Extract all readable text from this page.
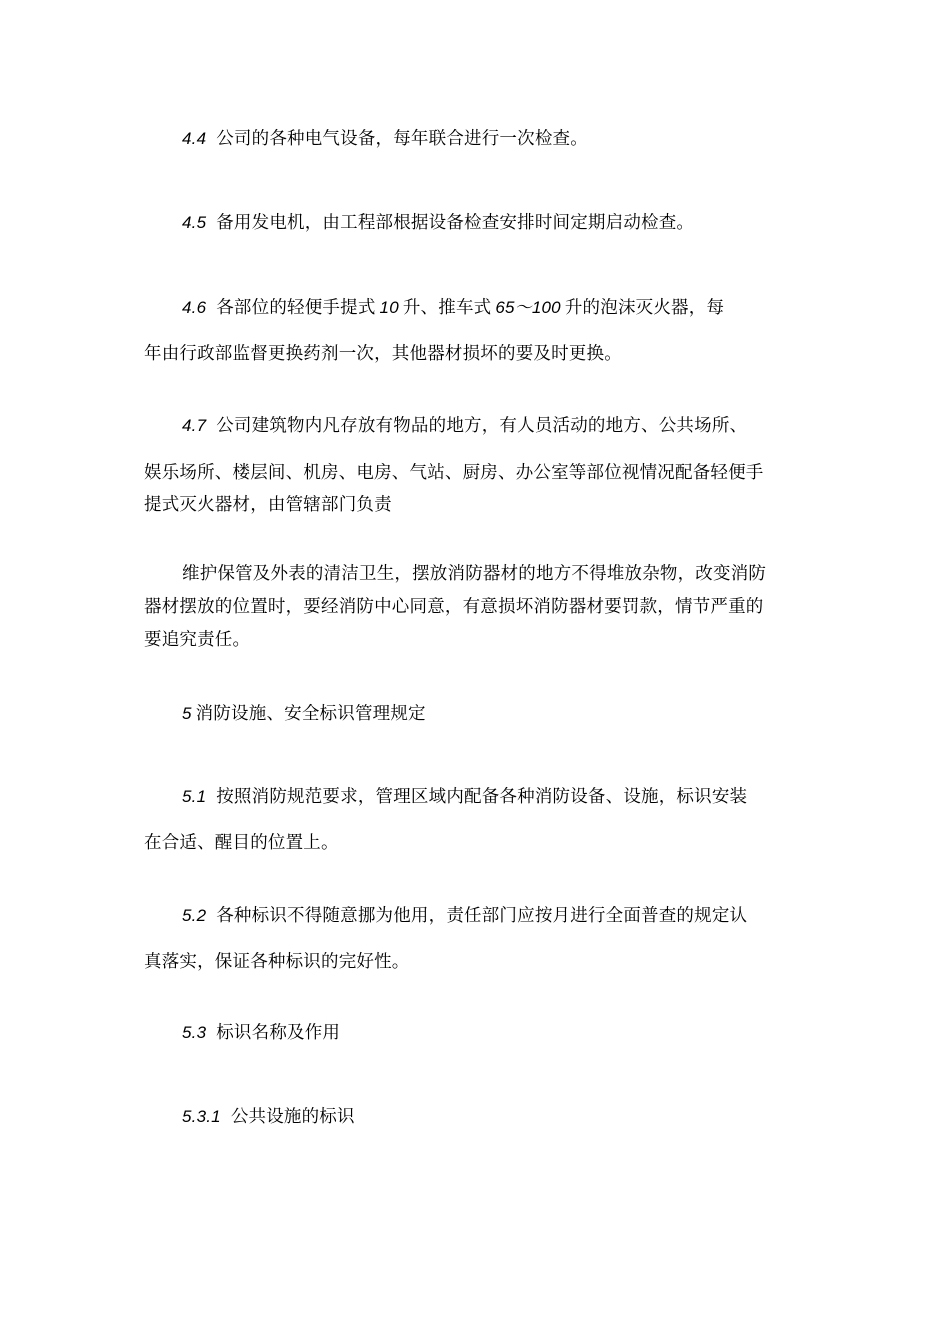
4.4 公司的各种电气设备，每年联合进行一次检查。
4.5 备用发电机，由工程部根据设备检查安排时间定期启动检查。
4.6 各部位的轻便手提式 10 升、推车式 65～100 升的泡沫灭火器，每
年由行政部监督更换药剂一次，其他器材损坏的要及时更换。
4.7 公司建筑物内凡存放有物品的地方，有人员活动的地方、公共场所、
娱乐场所、楼层间、机房、电房、气站、厨房、办公室等部位视情况配备轻便手
提式灭火器材，由管辖部门负责
维护保管及外表的清洁卫生，摆放消防器材的地方不得堆放杂物，改变消防
器材摆放的位置时，要经消防中心同意，有意损坏消防器材要罚款，情节严重的
要追究责任。
5 消防设施、安全标识管理规定
5.1 按照消防规范要求，管理区域内配备各种消防设备、设施，标识安装
在合适、醒目的位置上。
5.2 各种标识不得随意挪为他用，责任部门应按月进行全面普查的规定认
真落实，保证各种标识的完好性。
5.3 标识名称及作用
5.3.1 公共设施的标识
